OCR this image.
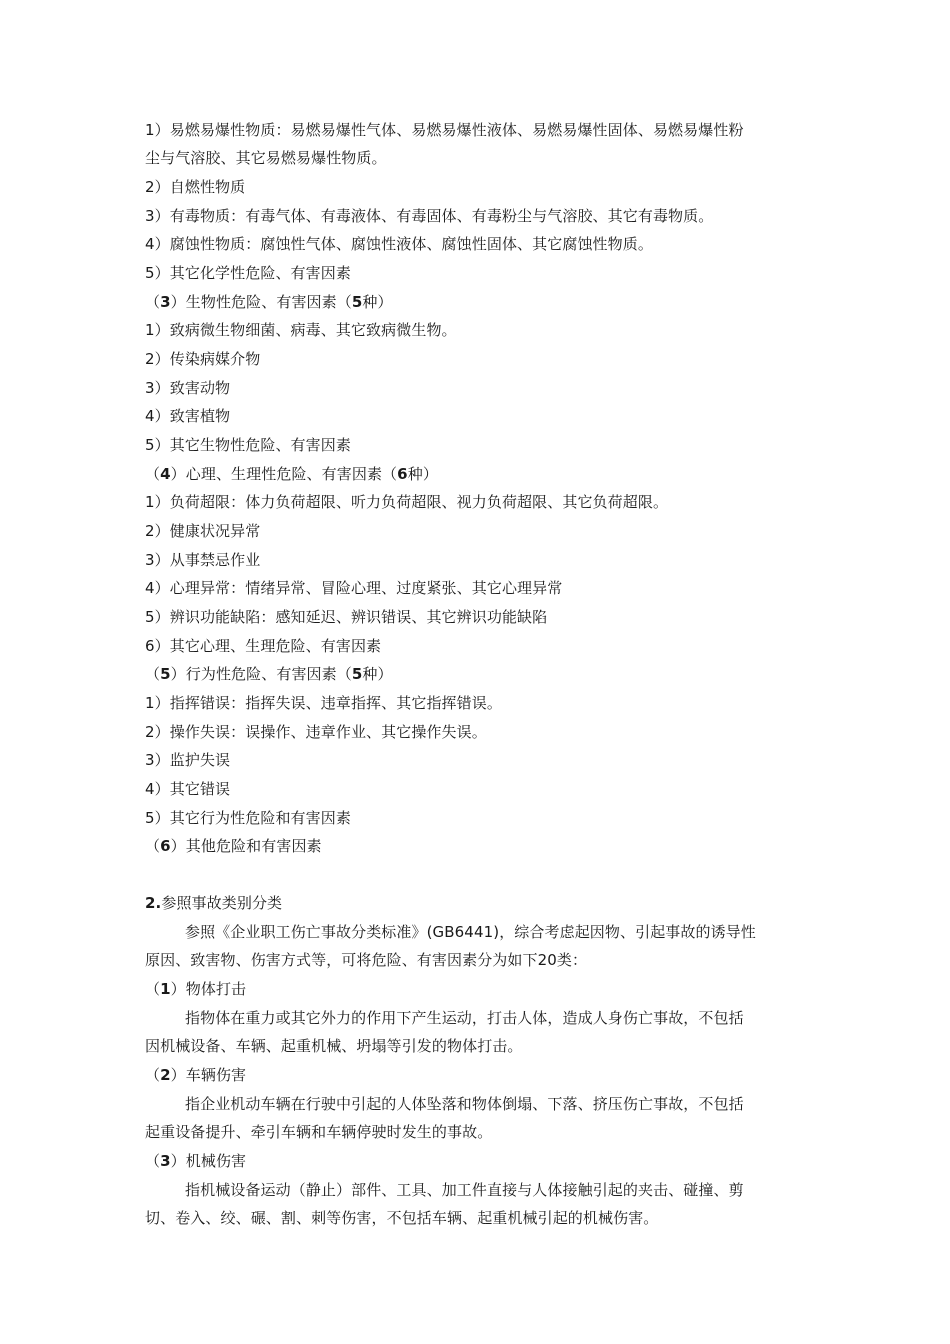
1）易燃易爆性物质：易燃易爆性气体、易燃易爆性液体、易燃易爆性固体、易燃易爆性粉
尘与气溶胶、其它易燃易爆性物质。
2）自燃性物质
3）有毒物质：有毒气体、有毒液体、有毒固体、有毒粉尘与气溶胶、其它有毒物质。
4）腐蚀性物质：腐蚀性气体、腐蚀性液体、腐蚀性固体、其它腐蚀性物质。
5）其它化学性危险、有害因素
（3）生物性危险、有害因素（5种）
1）致病微生物细菌、病毒、其它致病微生物。
2）传染病媒介物
3）致害动物
4）致害植物
5）其它生物性危险、有害因素
（4）心理、生理性危险、有害因素（6种）
1）负荷超限：体力负荷超限、听力负荷超限、视力负荷超限、其它负荷超限。
2）健康状况异常
3）从事禁忌作业
4）心理异常：情绪异常、冒险心理、过度紧张、其它心理异常
5）辨识功能缺陷：感知延迟、辨识错误、其它辨识功能缺陷
6）其它心理、生理危险、有害因素
（5）行为性危险、有害因素（5种）
1）指挥错误：指挥失误、违章指挥、其它指挥错误。
2）操作失误：误操作、违章作业、其它操作失误。
3）监护失误
4）其它错误
5）其它行为性危险和有害因素
（6）其他危险和有害因素
2.参照事故类别分类
参照《企业职工伤亡事故分类标准》(GB6441)，综合考虑起因物、引起事故的诱导性
原因、致害物、伤害方式等，可将危险、有害因素分为如下20类：
（1）物体打击
指物体在重力或其它外力的作用下产生运动，打击人体，造成人身伤亡事故，不包括
因机械设备、车辆、起重机械、坍塌等引发的物体打击。
（2）车辆伤害
指企业机动车辆在行驶中引起的人体坠落和物体倒塌、下落、挤压伤亡事故，不包括
起重设备提升、牵引车辆和车辆停驶时发生的事故。
（3）机械伤害
指机械设备运动（静止）部件、工具、加工件直接与人体接触引起的夹击、碰撞、剪
切、卷入、绞、碾、割、刺等伤害，不包括车辆、起重机械引起的机械伤害。
